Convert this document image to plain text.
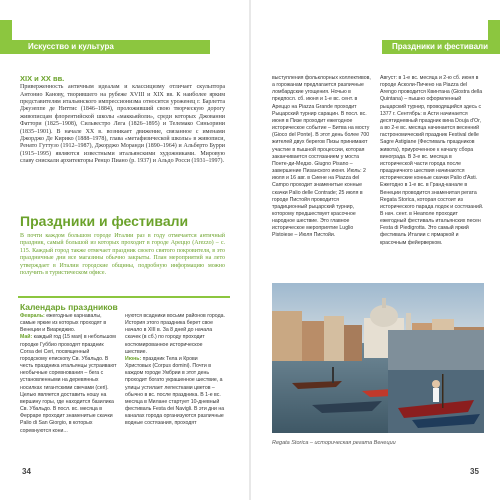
Искусство и культура	Праздники и фестивали
XIX и XX вв.
Приверженность античным идеалам и классицизму отличает скульптора Антонио Канову, творившего на рубеже XVIII и XIX вв. К наиболее ярким представителям итальянского импрессионизма относится уроженец г. Барлетта Джузеппе де Ниттис (1846–1884), проложивший свою творческую дорогу живописцам флорентийской школы «маккьяйоли», среди которых Джованни Фаттори (1825–1908), Сильвестро Лега (1826–1895) и Телемако Синьорини (1835–1901). В начале XX в. возникает движение, связанное с именами Джорджо Де Кирико (1888–1978), глава «метафизической школы» в живописи, Ренато Гуттузо (1912–1987), Джорджо Моранди (1890–1964) и Альберто Бурри (1915–1995) являются известными итальянскими художниками. Мировую славу снискали архитекторы Ренцо Пиано (р. 1937) и Альдо Росси (1931–1997).
Праздники и фестивали
В почти каждом большом городе Италии раз в году отмечается античный праздник, самый большой из которых проходит в городе Ареццо (Arezzo) – с. 115. Каждый город также отмечает праздник своего святого покровителя, в это праздничные дни все магазины обычно закрыты. План мероприятий на лето утверждает в Италии городские общины, подробную информацию можно получить в туристическом офисе.
Календарь праздников
Февраль: ежегодные карнавалы, самые яркие из которых проходят в Венеции и Виареджио.
Май: каждый год (15 мая) в небольшом городке Губбио проходят праздник Corsa dei Ceri, посвященный городскому епископу Св. Убальдо. В честь праздника итальянцы устраивают необычные соревнования – бега с установленными на деревянных носилках гигантскими свечами (ceri). Целью является доставить ношу на вершину горы, где находится базилика Св. Убальдо. В посл. вс. месяца в Феррарe проходит знаменитые скачки Palio di San Giorgio, в которых соревнуются кони...
нуются всадники восьми районов города. История этого праздника берет свое начало в XIII в. За 8 дней до начала скачек (в сб.) по городу проходит костюмированное историческое шествие.
Июнь: праздник Тела и Крови Христовых (Corpus domini). Почти в каждом городе Умбрии в этот день проходит богато украшенное шествие, а улицы устилает лепестками цветов – обычно в вс. после праздника. В 1-е вс. месяца в Милане стартует 10-дневный фестиваль Festa dei Navigli. В эти дни на каналах города организуются различные водные состязания, проходят
34
выступления фольклорных коллективов, а горожанам предлагается различные ломбардские угощения. Ночью в предпосл. сб. июня и 1-е вс. сент. в Ареццо на Piazza Grande проходит Рыцарский турнир сарацин. В посл. вс. июня в Пизе проходит ежегодное историческое событие – Битва на мосту (Gioco del Ponte). В этот день более 700 жителей двух берегов Пизы принимают участие в пышной процессии, которая заканчивается состязанием у моста Понте-ди-Медзо. Giugno Pisano – завершение Пизанского июня. Июль: 2 июля и 16 авг. в Сиене на Piazza del Campo проходит знаменитые конные скачки Palio delle Contrade; 25 июля в городе Пистойя проводится традиционный рыцарский турнир, которому предшествует красочное народное шествие. Это главное историческое мероприятие Luglio Pistoiese – Июля Пистойи.
Август: в 1-е вс. месяца и 2-ю сб. июня в городе Асколи-Пичено на Piazza del Arengo проводится Квинтана (Giostra della Quintana) – пышно оформленный рыцарский турнир, проводящийся здесь с 1377 г. Сентябрь: в Асти начинается десятидневный праздник вина Douja d'Or, а во 2-е вс. месяца начинается весенний гастрономический праздник Festival delle Sagre Astigiane (Фестиваль праздников живота), приуроченное к началу сбора винограда. В 3-е вс. месяца в исторической части города после праздничного шествия начинаются исторические конные скачки Palio d'Asti. Ежегодно в 1-е вс. в Гранд-канале в Венеции проводится знаменитая регата Regata Storica, которая состоит из исторического парада лодок и состязаний. В нач. сент. в Неаполе проходит ежегодный фестиваль итальянских песен Festa di Piedigrotta. Это самый яркий фестиваль Италии с ярмаркой и красочным фейерверком.
Regata Storica – историческая регата Венеции
35
